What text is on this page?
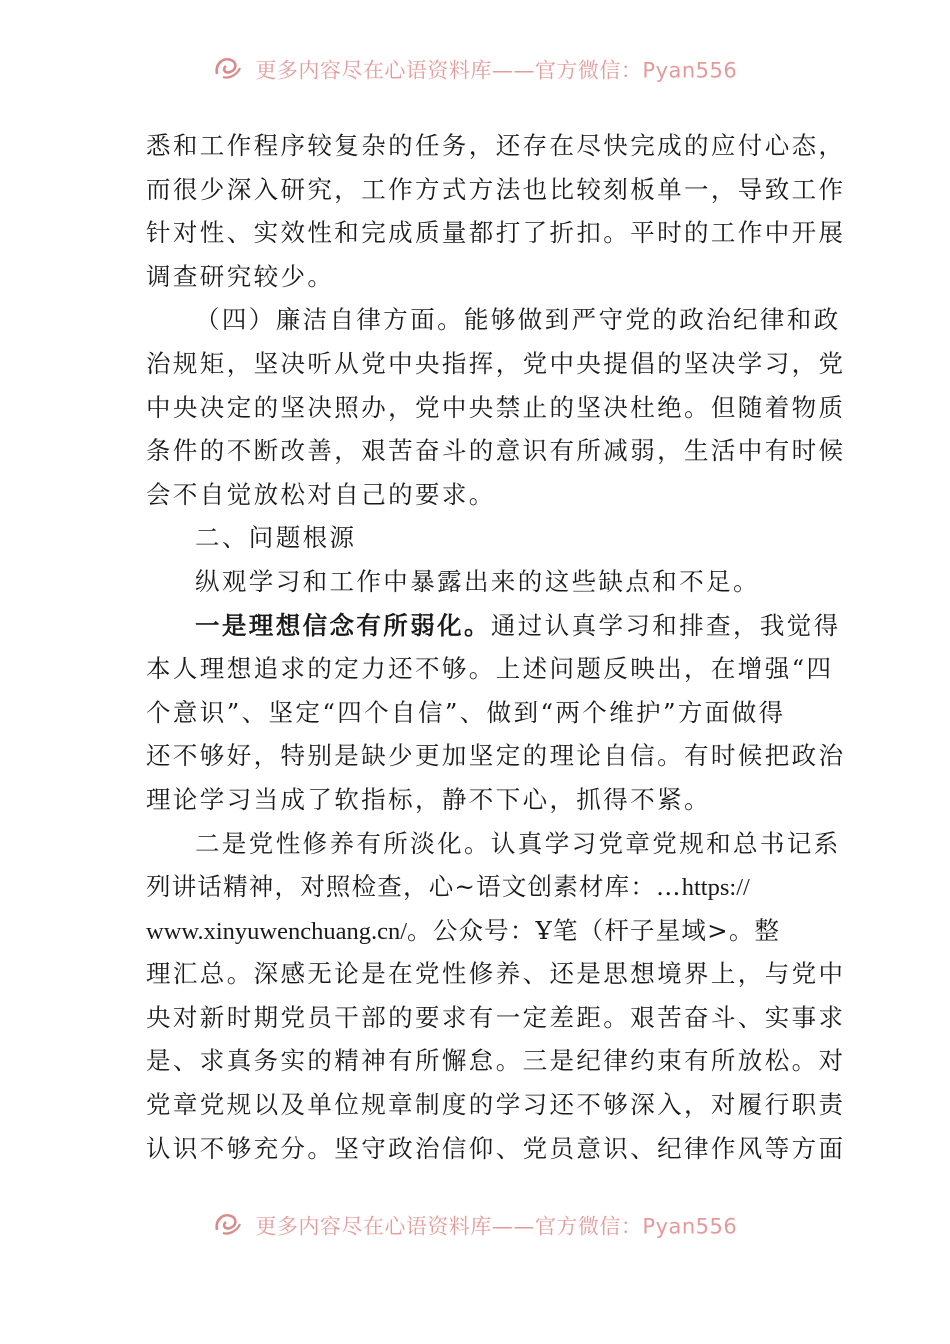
更多内容尽在心语资料库——官方微信：Pyan556
悉和工作程序较复杂的任务，还存在尽快完成的应付心态，
而很少深入研究，工作方式方法也比较刻板单一，导致工作
针对性、实效性和完成质量都打了折扣。平时的工作中开展
调查研究较少。
（四）廉洁自律方面。能够做到严守党的政治纪律和政
治规矩，坚决听从党中央指挥，党中央提倡的坚决学习，党
中央决定的坚决照办，党中央禁止的坚决杜绝。但随着物质
条件的不断改善，艰苦奋斗的意识有所减弱，生活中有时候
会不自觉放松对自己的要求。
二、问题根源
纵观学习和工作中暴露出来的这些缺点和不足。
一是理想信念有所弱化。通过认真学习和排查，我觉得
本人理想追求的定力还不够。上述问题反映出，在增强“四
个意识”、坚定“四个自信”、做到“两个维护”方面做得
还不够好，特别是缺少更加坚定的理论自信。有时候把政治
理论学习当成了软指标，静不下心，抓得不紧。
二是党性修养有所淡化。认真学习党章党规和总书记系
列讲话精神，对照检查，心~语文创素材库：…https://
www.xinyuwenchuang.cn/。公众号：Ұ笔（杆子星域>。整
理汇总。深感无论是在党性修养、还是思想境界上，与党中
央对新时期党员干部的要求有一定差距。艰苦奋斗、实事求
是、求真务实的精神有所懈怠。三是纪律约束有所放松。对
党章党规以及单位规章制度的学习还不够深入，对履行职责
认识不够充分。坚守政治信仰、党员意识、纪律作风等方面
更多内容尽在心语资料库——官方微信：Pyan556
